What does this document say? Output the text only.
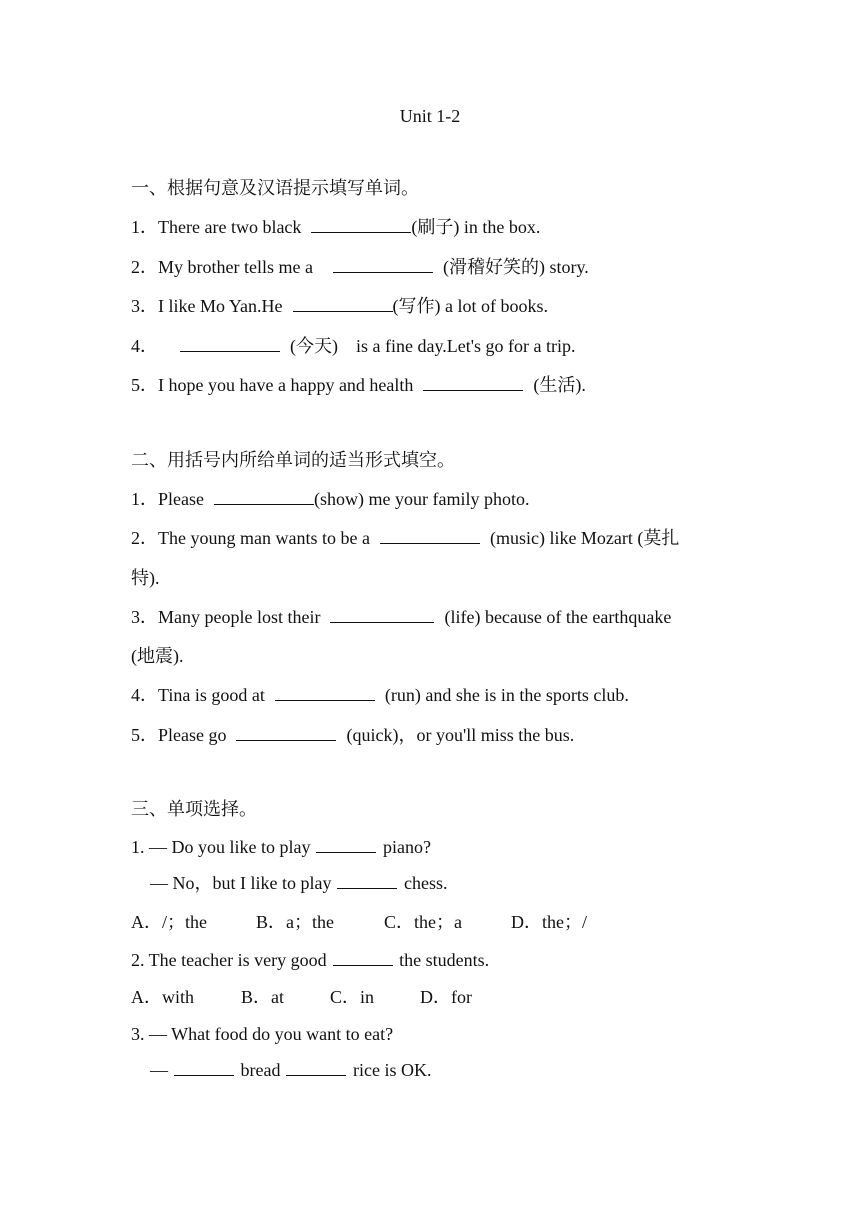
Unit 1-2
一、根据句意及汉语提示填写单词。
1．There are two black	(刷子) in the box.
2．My brother tells me a	(滑稽好笑的) story.
3．I like Mo Yan.He	(写作) a lot of books.
4．	(今天)　is a fine day.Let's go for a trip.
5．I hope you have a happy and health	(生活).
二、用括号内所给单词的适当形式填空。
1．Please	(show) me your family photo.
2．The young man wants to be a	(music) like Mozart (莫扎
特).
3．Many people lost their	(life) because of the earthquake
(地震).
4．Tina is good at	(run) and she is in the sports club.
5．Please go	(quick)，or you'll miss the bus.
三、单项选择。
1. — Do you like to play	piano?
— No，but I like to play	chess.
A．/；the	B．a；the	C．the；a	D．the；/
2. The teacher is very good	the students.
A．with	B．at	C．in	D．for
3. — What food do you want to eat?
—	bread	rice is OK.
